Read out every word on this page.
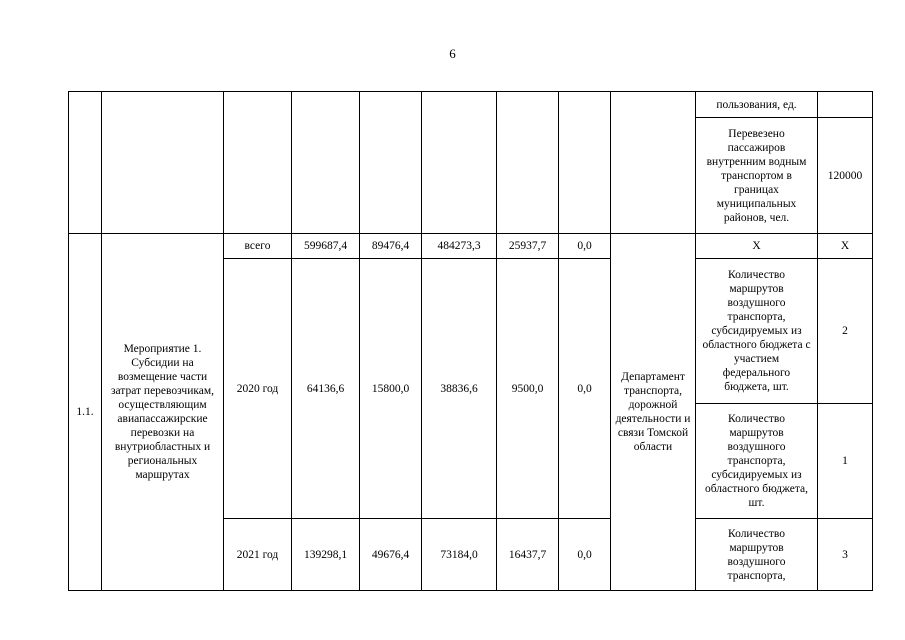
6
									пользования, ед.	
									Перевезено пассажиров внутренним водным транспортом в границах муниципальных районов, чел.	120000
1.1.	Мероприятие 1. Субсидии на возмещение части затрат перевозчикам, осуществляющим авиапассажирские перевозки на внутриобластных и региональных маршрутах	всего	599687,4	89476,4	484273,3	25937,7	0,0	Департамент транспорта, дорожной деятельности и связи Томской области	Х	Х
		2020 год	64136,6	15800,0	38836,6	9500,0	0,0		Количество маршрутов воздушного транспорта, субсидируемых из областного бюджета с участием федерального бюджета, шт.	2
									Количество маршрутов воздушного транспорта, субсидируемых из областного бюджета, шт.	1
		2021 год	139298,1	49676,4	73184,0	16437,7	0,0		Количество маршрутов воздушного транспорта,	3
